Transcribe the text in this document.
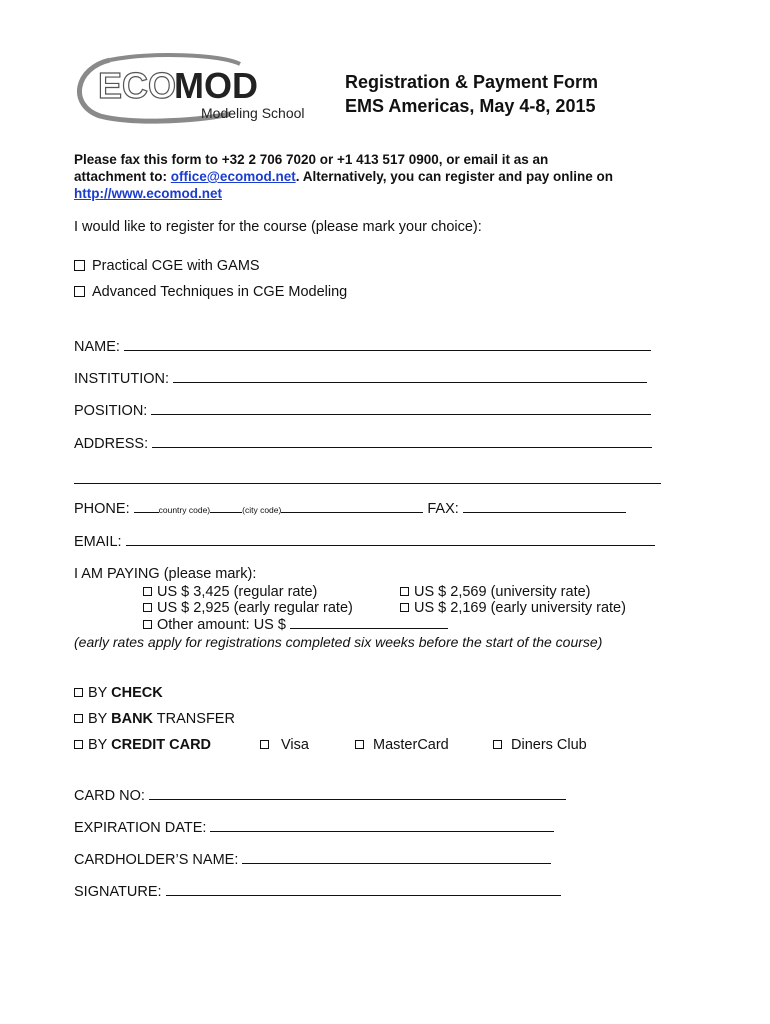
ECO
MOD
Modeling School
Registration & Payment Form
EMS Americas, May 4-8, 2015
Please fax this form to +32 2 706 7020 or +1 413 517 0900, or email it as an
attachment to: office@ecomod.net. Alternatively, you can register and pay online on
http://www.ecomod.net
I would like to register for the course (please mark your choice):
Practical CGE with GAMS
Advanced Techniques in CGE Modeling
NAME:
INSTITUTION:
POSITION:
ADDRESS:
PHONE:	country code)	(city code)	FAX:
EMAIL:
I AM PAYING (please mark):
US $ 3,425 (regular rate)	US $ 2,569 (university rate)
US $ 2,925 (early regular rate)	US $ 2,169 (early university rate)
Other amount: US $
(early rates apply for registrations completed six weeks before the start of the course)
BY CHECK
BY BANK TRANSFER
BY CREDIT CARD	Visa	MasterCard	Diners Club
CARD NO:
EXPIRATION DATE:
CARDHOLDER’S NAME:
SIGNATURE:
